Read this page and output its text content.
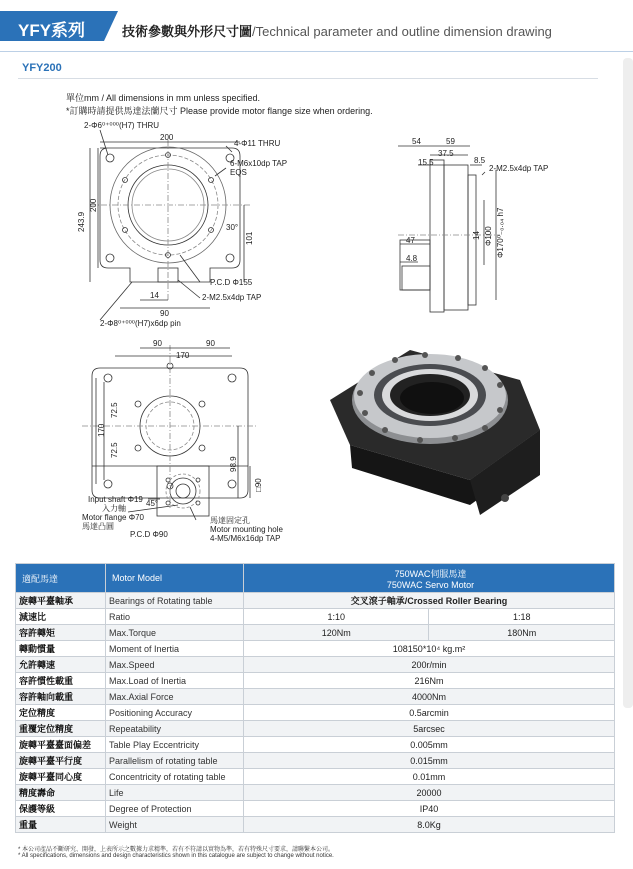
YFY系列	技術參數與外形尺寸圖/Technical parameter and outline dimension drawing
YFY200
單位mm / All dimensions in mm unless specified.
*訂購時請提供馬達法蘭尺寸 Please provide motor flange size when ordering.
2-Φ6⁰⁺⁰⁰⁰(H7) THRU
200
4-Φ11 THRU
6-M6x10dp TAP
EQS
243.9
200
30°
101
P.C.D Φ155
14	2-M2.5x4dp TAP
90
2-Φ8⁰⁺⁰⁰⁰(H7)x6dp pin
54	59
37.5
15.5	8.5
2-M2.5x4dp TAP
47
4.8
14 Φ100 Φ170⁰₋₀.₀₄ h7
90	90
170
72.5
72.5
170
98.9
□90
45°
Input shaft Φ19
入力軸
Motor flange Φ70
馬達凸圓
P.C.D Φ90
馬達固定孔
Motor mounting hole
4-M5/M6x16dp TAP
適配馬達	Motor Model	750WAC伺服馬達
750WAC Servo Motor	

旋轉平臺軸承	Bearings of Rotating table	交叉滾子軸承/Crossed Roller Bearing	
減速比	Ratio	1:10	1:18
容許轉矩	Max.Torque	120Nm	180Nm
轉動慣量	Moment of Inertia	108150*10⁴ kg.m²	
允許轉速	Max.Speed	200r/min	
容許慣性載重	Max.Load of Inertia	216Nm	
容許軸向載重	Max.Axial Force	4000Nm	
定位精度	Positioning Accuracy	0.5arcmin	
重覆定位精度	Repeatability	5arcsec	
旋轉平臺臺面偏差	Table Play Eccentricity	0.005mm	
旋轉平臺平行度	Parallelism of rotating table	0.015mm	
旋轉平臺同心度	Concentricity of rotating table	0.01mm	
精度壽命	Life	20000	
保護等級	Degree of Protection	IP40	
重量	Weight	8.0Kg	
* 本公司產品不斷研究、開發，上表所示之數據力求精準，若有不符請以實物為準，若有特殊尺寸要求，請聯繫本公司。
* All specifications, dimensions and design characteristics shown in this catalogue are subject to change without notice.
